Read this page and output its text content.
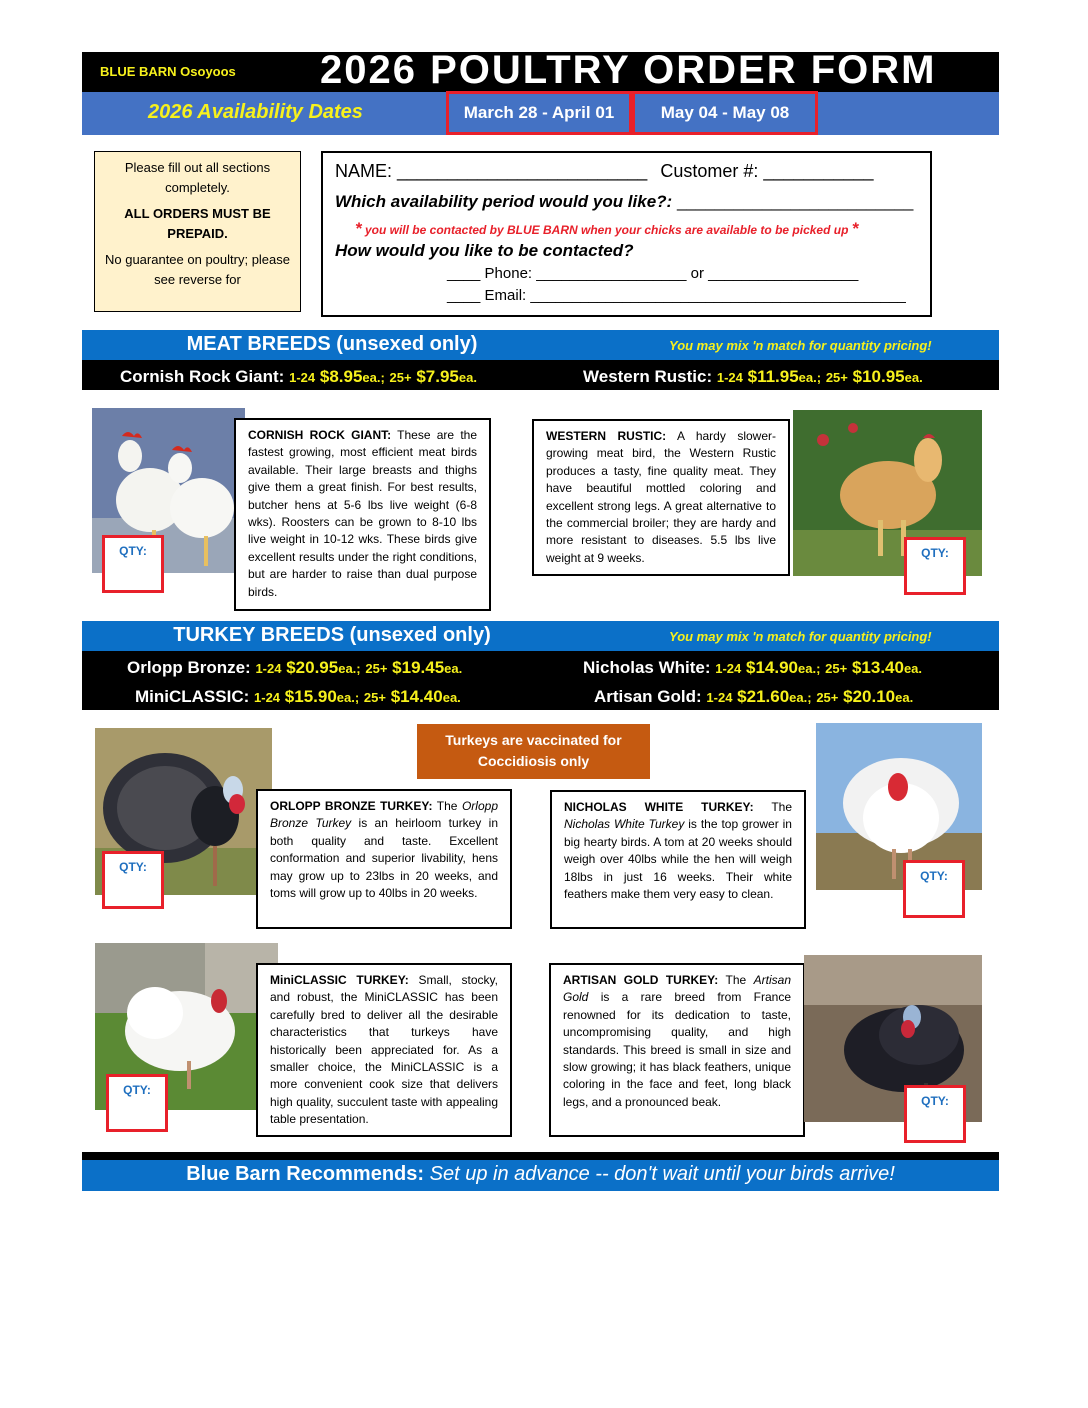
BLUE BARN Osoyoos 2026 POULTRY ORDER FORM
2026 Availability Dates	March 28 - April 01	May 04 - May 08

Please fill out all sections completely.

ALL ORDERS MUST BE PREPAID.

No guarantee on poultry; please see reverse for

NAME: _________________________ Customer #: ___________
Which availability period would you like?: _________________________
* you will be contacted by BLUE BARN when your chicks are available to be picked up *
How would you like to be contacted?
____ Phone: __________________ or __________________
____ Email: _____________________________________________
MEAT BREEDS (unsexed only)	You may mix 'n match for quantity pricing!
Cornish Rock Giant: 1-24 $8.95ea.; 25+ $7.95ea.	Western Rustic: 1-24 $11.95ea.; 25+ $10.95ea.
QTY:
CORNISH ROCK GIANT: These are the fastest growing, most efficient meat birds available. Their large breasts and thighs give them a great finish. For best results, butcher hens at 5-6 lbs live weight (6-8 wks). Roosters can be grown to 8-10 lbs live weight in 10-12 wks. These birds give excellent results under the right conditions, but are harder to raise than dual purpose birds.
WESTERN RUSTIC: A hardy slower-growing meat bird, the Western Rustic produces a tasty, fine quality meat. They have beautiful mottled coloring and excellent strong legs. A great alternative to the commercial broiler; they are hardy and more resistant to diseases. 5.5 lbs live weight at 9 weeks.	QTY:
TURKEY BREEDS (unsexed only)	You may mix 'n match for quantity pricing!
Orlopp Bronze: 1-24 $20.95ea.; 25+ $19.45ea.	Nicholas White: 1-24 $14.90ea.; 25+ $13.40ea.
MiniCLASSIC: 1-24 $15.90ea.; 25+ $14.40ea.	Artisan Gold: 1-24 $21.60ea.; 25+ $20.10ea.
Turkeys are vaccinated for Coccidiosis only
QTY:
ORLOPP BRONZE TURKEY: The Orlopp Bronze Turkey is an heirloom turkey in both quality and taste. Excellent conformation and superior livability, hens may grow up to 23lbs in 20 weeks, and toms will grow up to 40lbs in 20 weeks.
NICHOLAS WHITE TURKEY: The Nicholas White Turkey is the top grower in big hearty birds. A tom at 20 weeks should weigh over 40lbs while the hen will weigh 18lbs in just 16 weeks. Their white feathers make them very easy to clean.
QTY:
QTY:
MiniCLASSIC TURKEY: Small, stocky, and robust, the MiniCLASSIC has been carefully bred to deliver all the desirable characteristics that turkeys have historically been appreciated for. As a smaller choice, the MiniCLASSIC is a more convenient cook size that delivers high quality, succulent taste with appealing table presentation.
ARTISAN GOLD TURKEY: The Artisan Gold is a rare breed from France renowned for its dedication to taste, uncompromising quality, and high standards. This breed is small in size and slow growing; it has black feathers, unique coloring in the face and feet, long black legs, and a pronounced beak.	QTY:
Blue Barn Recommends: Set up in advance -- don't wait until your birds arrive!
